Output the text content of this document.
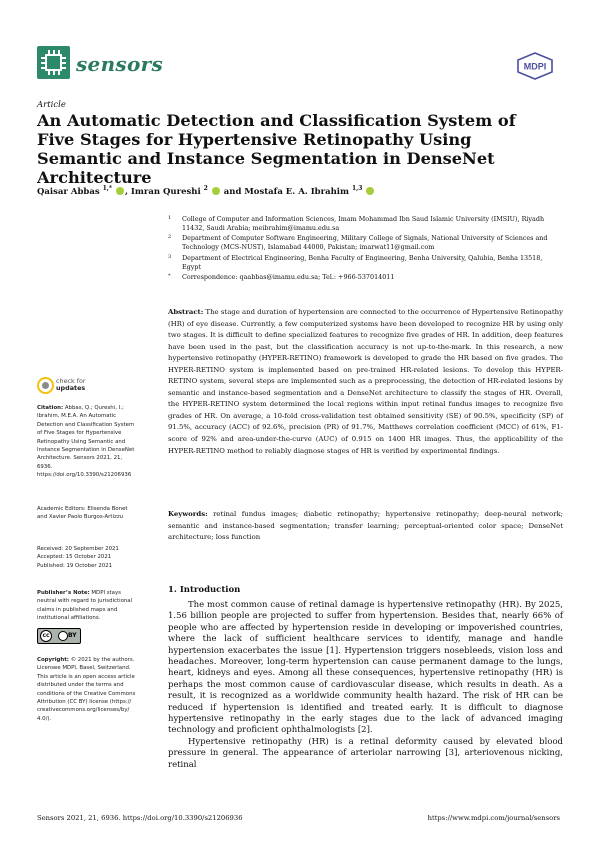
sensors	MDPI
Article
An Automatic Detection and Classification System of Five Stages for Hypertensive Retinopathy Using Semantic and Instance Segmentation in DenseNet Architecture
Qaisar Abbas $^{1,*}$ , Imran Qureshi $^2$  and Mostafa E. A. Ibrahim $^{1,3}$
1 College of Computer and Information Sciences, Imam Mohammad Ibn Saud Islamic University (IMSIU), Riyadh 11432, Saudi Arabia; meibrahim@imamu.edu.sa
2 Department of Computer Software Engineering, Military College of Signals, National University of Sciences and Technology (MCS-NUST), Islamabad 44000, Pakistan; imarwat11@gmail.com
3 Department of Electrical Engineering, Benha Faculty of Engineering, Benha University, Qalubia, Benha 13518, Egypt
* Correspondence: qaabbas@imamu.edu.sa; Tel.: +966-537014011
Abstract: The stage and duration of hypertension are connected to the occurrence of Hypertensive Retinopathy (HR) of eye disease. Currently, a few computerized systems have been developed to recognize HR by using only two stages. It is difficult to define specialized features to recognize five grades of HR. In addition, deep features have been used in the past, but the classification accuracy is not up-to-the-mark. In this research, a new hypertensive retinopathy (HYPER-RETINO) framework is developed to grade the HR based on five grades. The HYPER-RETINO system is implemented based on pre-trained HR-related lesions. To develop this HYPER-RETINO system, several steps are implemented such as a preprocessing, the detection of HR-related lesions by semantic and instance-based segmentation and a DenseNet architecture to classify the stages of HR. Overall, the HYPER-RETINO system determined the local regions within input retinal fundus images to recognize five grades of HR. On average, a 10-fold cross-validation test obtained sensitivity (SE) of 90.5%, specificity (SP) of 91.5%, accuracy (ACC) of 92.6%, precision (PR) of 91.7%, Matthews correlation coefficient (MCC) of 61%, F1-score of 92% and area-under-the-curve (AUC) of 0.915 on 1400 HR images. Thus, the applicability of the HYPER-RETINO method to reliably diagnose stages of HR is verified by experimental findings.
Keywords: retinal fundus images; diabetic retinopathy; hypertensive retinopathy; deep-neural network; semantic and instance-based segmentation; transfer learning; perceptual-oriented color space; DenseNet architecture; loss function
check for
updates
Citation: Abbas, Q.; Qureshi, I.; Ibrahim, M.E.A. An Automatic Detection and Classification System of Five Stages for Hypertensive Retinopathy Using Semantic and Instance Segmentation in DenseNet Architecture. Sensors 2021, 21, 6936. https://doi.org/10.3390/s21206936
Academic Editors: Elisenda Bonet and Xavier Paolo Burgos-Artizzu
Received: 20 September 2021
Accepted: 15 October 2021
Published: 19 October 2021
Publisher’s Note: MDPI stays neutral with regard to jurisdictional claims in published maps and institutional affiliations.
cc	BY
Copyright: © 2021 by the authors. Licensee MDPI, Basel, Switzerland. This article is an open access article distributed under the terms and conditions of the Creative Commons Attribution (CC BY) license (https:// creativecommons.org/licenses/by/ 4.0/).
1. Introduction

The most common cause of retinal damage is hypertensive retinopathy (HR). By 2025, 1.56 billion people are projected to suffer from hypertension. Besides that, nearly 66% of people who are affected by hypertension reside in developing or impoverished countries, where the lack of sufficient healthcare services to identify, manage and handle hypertension exacerbates the issue [1]. Hypertension triggers nosebleeds, vision loss and headaches. Moreover, long-term hypertension can cause permanent damage to the lungs, heart, kidneys and eyes. Among all these consequences, hypertensive retinopathy (HR) is perhaps the most common cause of cardiovascular disease, which results in death. As a result, it is recognized as a worldwide community health hazard. The risk of HR can be reduced if hypertension is identified and treated early. It is difficult to diagnose hypertensive retinopathy in the early stages due to the lack of advanced imaging technology and proficient ophthalmologists [2].

Hypertensive retinopathy (HR) is a retinal deformity caused by elevated blood pressure in general. The appearance of arteriolar narrowing [3], arteriovenous nicking, retinal

Sensors 2021, 21, 6936. https://doi.org/10.3390/s21206936	https://www.mdpi.com/journal/sensors
